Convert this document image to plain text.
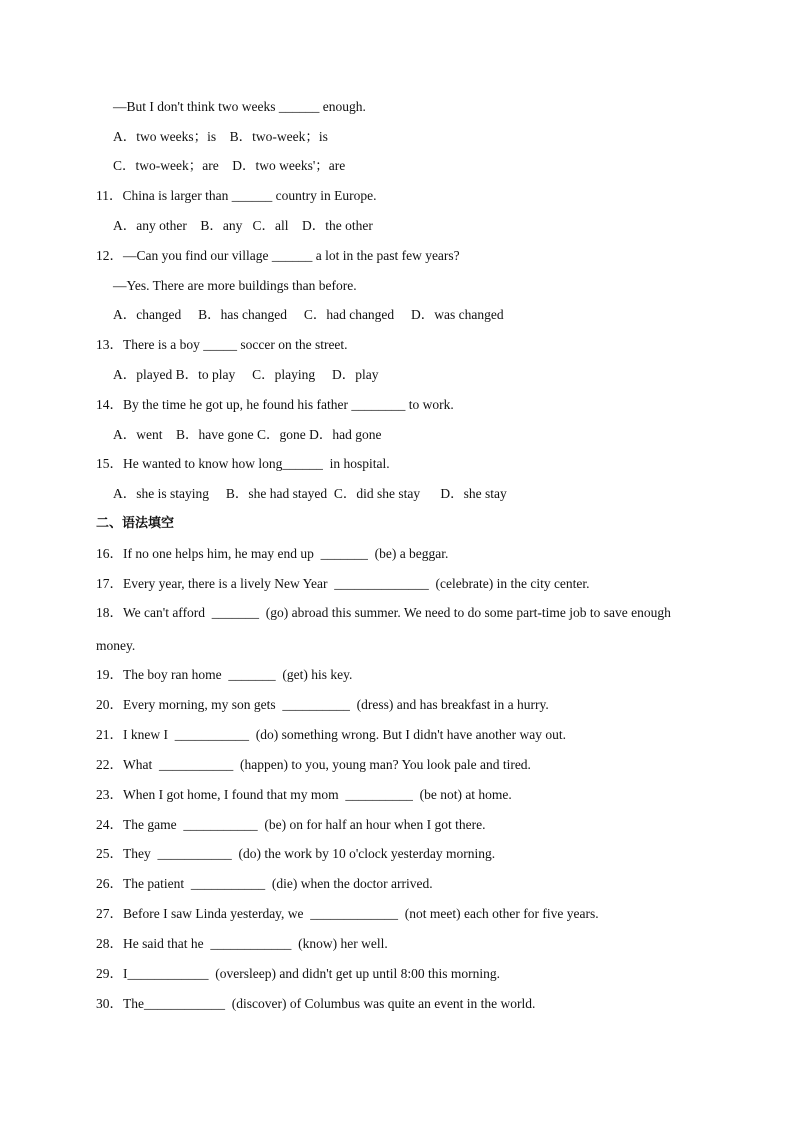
—But I don't think two weeks ______ enough.
A．two weeks；is    B．two-week；is
C．two-week；are    D．two weeks'；are
11．China is larger than ______ country in Europe.
A．any other    B．any   C．all    D．the other
12．—Can you find our village ______ a lot in the past few years?
—Yes. There are more buildings than before.
A．changed     B．has changed     C．had changed     D．was changed
13．There is a boy _____ soccer on the street.
A．played B．to play     C．playing     D．play
14．By the time he got up, he found his father ________ to work.
A．went    B．have gone C．gone D．had gone
15．He wanted to know how long______  in hospital.
A．she is staying     B．she had stayed  C．did she stay      D．she stay
二、语法填空
16．If no one helps him, he may end up  _______  (be) a beggar.
17．Every year, there is a lively New Year  ______________  (celebrate) in the city center.
18．We can't afford  _______  (go) abroad this summer. We need to do some part-time job to save enough
money.
19．The boy ran home  _______  (get) his key.
20．Every morning, my son gets  __________  (dress) and has breakfast in a hurry.
21．I knew I  ___________  (do) something wrong. But I didn't have another way out.
22．What  ___________  (happen) to you, young man? You look pale and tired.
23．When I got home, I found that my mom  __________  (be not) at home.
24．The game  ___________  (be) on for half an hour when I got there.
25．They  ___________  (do) the work by 10 o'clock yesterday morning.
26．The patient  ___________  (die) when the doctor arrived.
27．Before I saw Linda yesterday, we  _____________  (not meet) each other for five years.
28．He said that he  ____________  (know) her well.
29．I____________  (oversleep) and didn't get up until 8:00 this morning.
30．The____________  (discover) of Columbus was quite an event in the world.
